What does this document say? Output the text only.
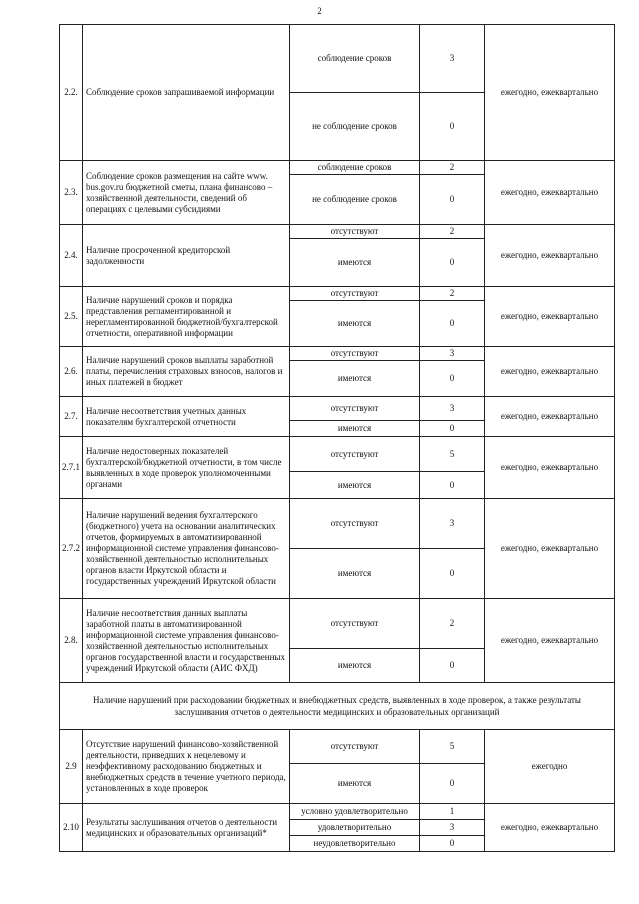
2
2.2.	Соблюдение сроков запрашиваемой информации	соблюдение сроков	3	ежегодно, ежеквартально
		не соблюдение сроков	0	
2.3.	Соблюдение сроков размещения на сайте www. bus.gov.ru бюджетной сметы, плана финансово – хозяйственной деятельности, сведений об операциях с целевыми субсидиями	соблюдение сроков	2	ежегодно, ежеквартально
		не соблюдение сроков	0	
2.4.	Наличие просроченной кредиторской задолженности	отсутствуют	2	ежегодно, ежеквартально
		имеются	0	
2.5.	Наличие нарушений сроков и порядка представления регламентированной и нерегламентированной бюджетной/бухгалтерской отчетности, оперативной информации	отсутствуют	2	ежегодно, ежеквартально
		имеются	0	
2.6.	Наличие нарушений сроков выплаты заработной платы, перечисления страховых взносов, налогов и иных платежей в бюджет	отсутствуют	3	ежегодно, ежеквартально
		имеются	0	
2.7.	Наличие несоответствия учетных данных показателям бухгалтерской отчетности	отсутствуют	3	ежегодно, ежеквартально
		имеются	0	
2.7.1	Наличие недостоверных показателей бухгалтерской/бюджетной отчетности, в том числе выявленных в ходе проверок уполномоченными органами	отсутствуют	5	ежегодно, ежеквартально
		имеются	0	
2.7.2	Наличие нарушений ведения бухгалтерского (бюджетного) учета на основании аналитических отчетов, формируемых в автоматизированной информационной системе управления финансово-хозяйственной деятельностью исполнительных органов власти Иркутской области и государственных учреждений Иркутской области	отсутствуют	3	ежегодно, ежеквартально
		имеются	0	
2.8.	Наличие несоответствия данных выплаты заработной платы в автоматизированной информационной системе управления финансово-хозяйственной деятельностью исполнительных органов государственной власти и государственных учреждений Иркутской области (АИС ФХД)	отсутствуют	2	ежегодно, ежеквартально
		имеются	0	
Наличие нарушений при расходовании бюджетных и внебюджетных средств, выявленных в ходе проверок, а также результаты заслушивания отчетов о деятельности медицинских и образовательных организаций				
2.9	Отсутствие нарушений финансово-хозяйственной деятельности, приведших к нецелевому и неэффективному расходованию бюджетных и внебюджетных средств в течение учетного периода, установленных в ходе проверок	отсутствуют	5	ежегодно
		имеются	0	
2.10	Результаты заслушивания отчетов о деятельности медицинских и образовательных организаций*	условно удовлетворительно	1	ежегодно, ежеквартально
		удовлетворительно	3	
		неудовлетворительно	0	
